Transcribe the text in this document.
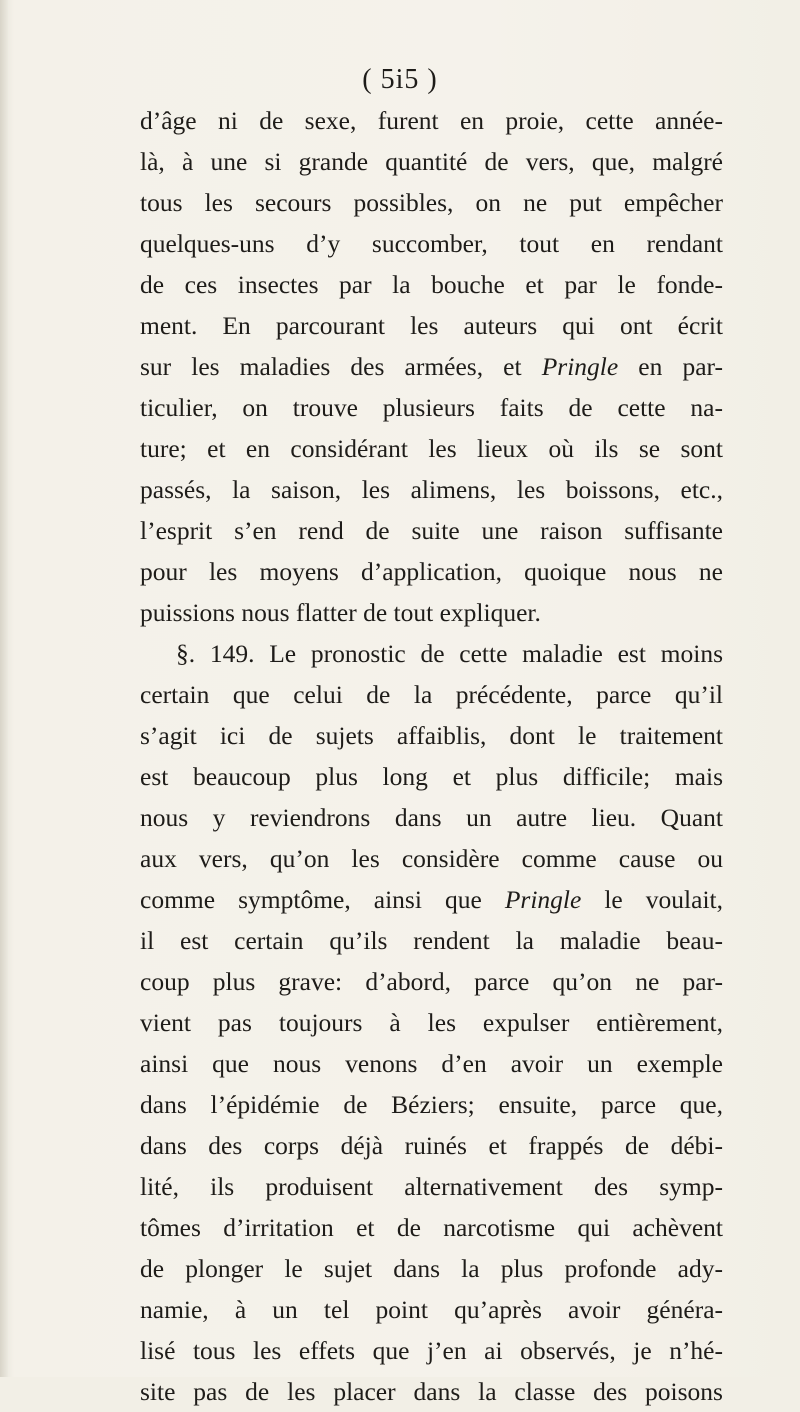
( 5i5 )
d’âge ni de sexe, furent en proie, cette année-
là, à une si grande quantité de vers, que, malgré
tous les secours possibles, on ne put empêcher
quelques-uns d’y succomber, tout en rendant
de ces insectes par la bouche et par le fonde-
ment. En parcourant les auteurs qui ont écrit
sur les maladies des armées, et Pringle en par-
ticulier, on trouve plusieurs faits de cette na-
ture; et en considérant les lieux où ils se sont
passés, la saison, les alimens, les boissons, etc.,
l’esprit s’en rend de suite une raison suffisante
pour les moyens d’application, quoique nous ne
puissions nous flatter de tout expliquer.
§. 149. Le pronostic de cette maladie est moins
certain que celui de la précédente, parce qu’il
s’agit ici de sujets affaiblis, dont le traitement
est beaucoup plus long et plus difficile; mais
nous y reviendrons dans un autre lieu. Quant
aux vers, qu’on les considère comme cause ou
comme symptôme, ainsi que Pringle le voulait,
il est certain qu’ils rendent la maladie beau-
coup plus grave: d’abord, parce qu’on ne par-
vient pas toujours à les expulser entièrement,
ainsi que nous venons d’en avoir un exemple
dans l’épidémie de Béziers; ensuite, parce que,
dans des corps déjà ruinés et frappés de débi-
lité, ils produisent alternativement des symp-
tômes d’irritation et de narcotisme qui achèvent
de plonger le sujet dans la plus profonde ady-
namie, à un tel point qu’après avoir généra-
lisé tous les effets que j’en ai observés, je n’hé-
site pas de les placer dans la classe des poisons
